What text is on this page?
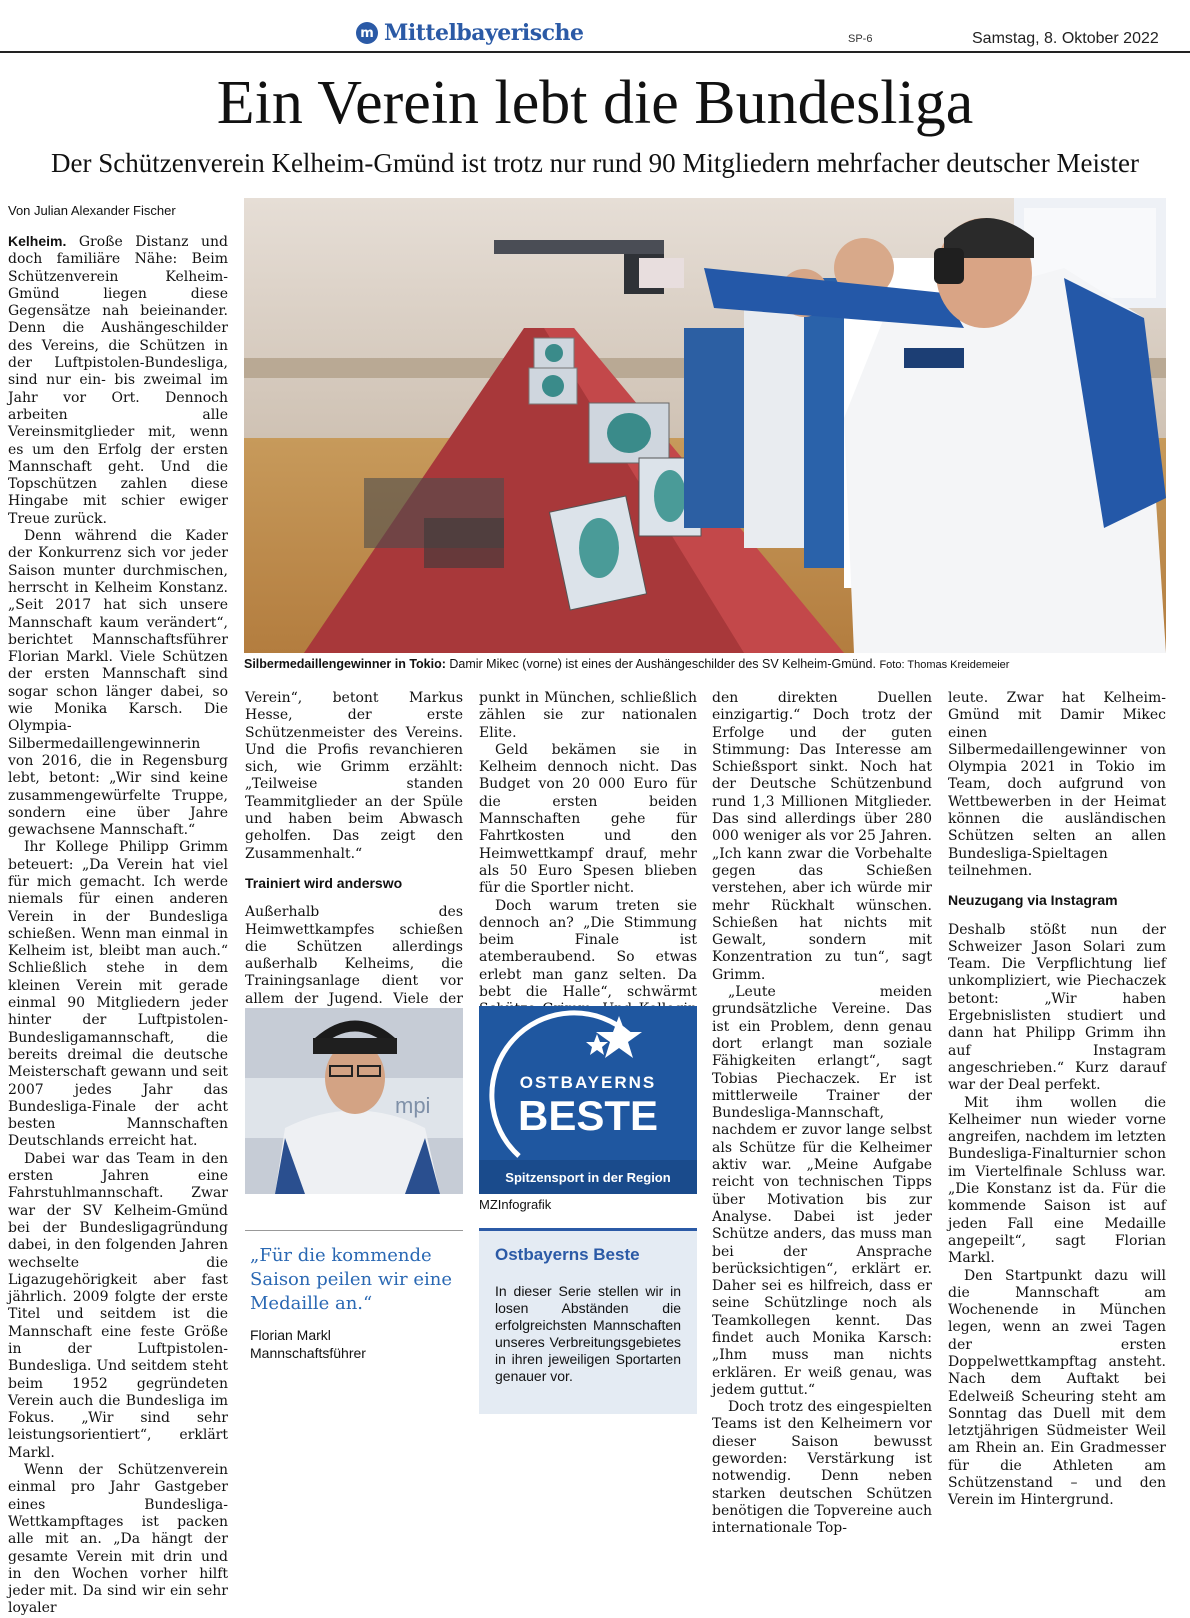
m Mittelbayerische	SP-6	Samstag, 8. Oktober 2022
Ein Verein lebt die Bundesliga
Der Schützenverein Kelheim-Gmünd ist trotz nur rund 90 Mitgliedern mehrfacher deutscher Meister
Von Julian Alexander Fischer

Kelheim. Große Distanz und doch familiäre Nähe: Beim Schützenverein Kelheim-Gmünd liegen diese Gegensätze nah beieinander. Denn die Aushängeschilder des Vereins, die Schützen in der Luftpistolen-Bundesliga, sind nur ein- bis zweimal im Jahr vor Ort. Dennoch arbeiten alle Vereinsmitglieder mit, wenn es um den Erfolg der ersten Mannschaft geht. Und die Topschützen zahlen diese Hingabe mit schier ewiger Treue zurück.

Denn während die Kader der Konkurrenz sich vor jeder Saison munter durchmischen, herrscht in Kelheim Konstanz. „Seit 2017 hat sich unsere Mannschaft kaum verändert“, berichtet Mannschaftsführer Florian Markl. Viele Schützen der ersten Mannschaft sind sogar schon länger dabei, so wie Monika Karsch. Die Olympia-Silbermedaillengewinnerin von 2016, die in Regensburg lebt, betont: „Wir sind keine zusammengewürfelte Truppe, sondern eine über Jahre gewachsene Mannschaft.“

Ihr Kollege Philipp Grimm beteuert: „Da Verein hat viel für mich gemacht. Ich werde niemals für einen anderen Verein in der Bundesliga schießen. Wenn man einmal in Kelheim ist, bleibt man auch.“ Schließlich stehe in dem kleinen Verein mit gerade einmal 90 Mitgliedern jeder hinter der Luftpistolen-Bundesligamannschaft, die bereits dreimal die deutsche Meisterschaft gewann und seit 2007 jedes Jahr das Bundesliga-Finale der acht besten Mannschaften Deutschlands erreicht hat.

Dabei war das Team in den ersten Jahren eine Fahrstuhlmannschaft. Zwar war der SV Kelheim-Gmünd bei der Bundesligagründung dabei, in den folgenden Jahren wechselte die Ligazugehörigkeit aber fast jährlich. 2009 folgte der erste Titel und seitdem ist die Mannschaft eine feste Größe in der Luftpistolen-Bundesliga. Und seitdem steht beim 1952 gegründeten Verein auch die Bundesliga im Fokus. „Wir sind sehr leistungsorientiert“, erklärt Markl.

Wenn der Schützenverein einmal pro Jahr Gastgeber eines Bundesliga-Wettkampftages ist packen alle mit an. „Da hängt der gesamte Verein mit drin und in den Wochen vorher hilft jeder mit. Da sind wir ein sehr loyaler

Silbermedaillengewinner in Tokio: Damir Mikec (vorne) ist eines der Aushängeschilder des SV Kelheim-Gmünd. Foto: Thomas Kreidemeier

Verein“, betont Markus Hesse, der erste Schützenmeister des Vereins. Und die Profis revanchieren sich, wie Grimm erzählt: „Teilweise standen Teammitglieder an der Spüle und haben beim Abwasch geholfen. Das zeigt den Zusammenhalt.“

Trainiert wird anderswo

Außerhalb des Heimwettkampfes schießen die Schützen allerdings außerhalb Kelheims, die Trainingsanlage dient vor allem der Jugend. Viele der

mpi
„Für die kommende Saison peilen wir eine Medaille an.“
Florian Markl
Mannschaftsführer

punkt in München, schließlich zählen sie zur nationalen Elite.

Geld bekämen sie in Kelheim dennoch nicht. Das Budget von 20 000 Euro für die ersten beiden Mannschaften gehe für Fahrtkosten und den Heimwettkampf drauf, mehr als 50 Euro Spesen blieben für die Sportler nicht.

Doch warum treten sie dennoch an? „Die Stimmung beim Finale ist atemberaubend. So etwas erlebt man ganz selten. Da bebt die Halle“, schwärmt

OSTBAYERNS
BESTE
Spitzensport in der Region
MZInfografik
Ostbayerns Beste
In dieser Serie stellen wir in losen Abständen die erfolgreichsten Mannschaften unseres Verbreitungsgebietes in ihren jeweiligen Sportarten genauer vor.

den direkten Duellen einzigartig.“ Doch trotz der Erfolge und der guten Stimmung: Das Interesse am Schießsport sinkt. Noch hat der Deutsche Schützenbund rund 1,3 Millionen Mitglieder. Das sind allerdings über 280 000 weniger als vor 25 Jahren. „Ich kann zwar die Vorbehalte gegen das Schießen verstehen, aber ich würde mir mehr Rückhalt wünschen. Schießen hat nichts mit Gewalt, sondern mit Konzentration zu tun“, sagt Grimm.

„Leute meiden grundsätzliche Vereine. Das ist ein Problem, denn genau dort erlangt man soziale Fähigkeiten erlangt“, sagt Tobias Piechaczek. Er ist mittlerweile Trainer der Bundesliga-Mannschaft, nachdem er zuvor lange selbst als Schütze für die Kelheimer aktiv war. „Meine Aufgabe reicht von technischen Tipps über Motivation bis zur Analyse. Dabei ist jeder Schütze anders, das muss man bei der Ansprache berücksichtigen“, erklärt er. Daher sei es hilfreich, dass er seine Schützlinge noch als Teamkollegen kennt. Das findet auch Monika Karsch: „Ihm muss man nichts erklären. Er weiß genau, was jedem guttut.“

Doch trotz des eingespielten Teams ist den Kelheimern vor dieser Saison bewusst geworden: Verstärkung ist notwendig. Denn neben starken deutschen Schützen benötigen die Topvereine auch internationale Top-

leute. Zwar hat Kelheim-Gmünd mit Damir Mikec einen Silbermedaillengewinner von Olympia 2021 in Tokio im Team, doch aufgrund von Wettbewerben in der Heimat können die ausländischen Schützen selten an allen Bundesliga-Spieltagen teilnehmen.

Neuzugang via Instagram

Deshalb stößt nun der Schweizer Jason Solari zum Team. Die Verpflichtung lief unkompliziert, wie Piechaczek betont: „Wir haben Ergebnislisten studiert und dann hat Philipp Grimm ihn auf Instagram angeschrieben.“ Kurz darauf war der Deal perfekt.

Mit ihm wollen die Kelheimer nun wieder vorne angreifen, nachdem im letzten Bundesliga-Finalturnier schon im Viertelfinale Schluss war. „Die Konstanz ist da. Für die kommende Saison ist auf jeden Fall eine Medaille angepeilt“, sagt Florian Markl.

Den Startpunkt dazu will die Mannschaft am Wochenende in München legen, wenn an zwei Tagen der ersten Doppelwettkampftag ansteht. Nach dem Auftakt bei Edelweiß Scheuring steht am Sonntag das Duell mit dem letztjährigen Südmeister Weil am Rhein an. Ein Gradmesser für die Athleten am Schützenstand – und den Verein im Hintergrund.
